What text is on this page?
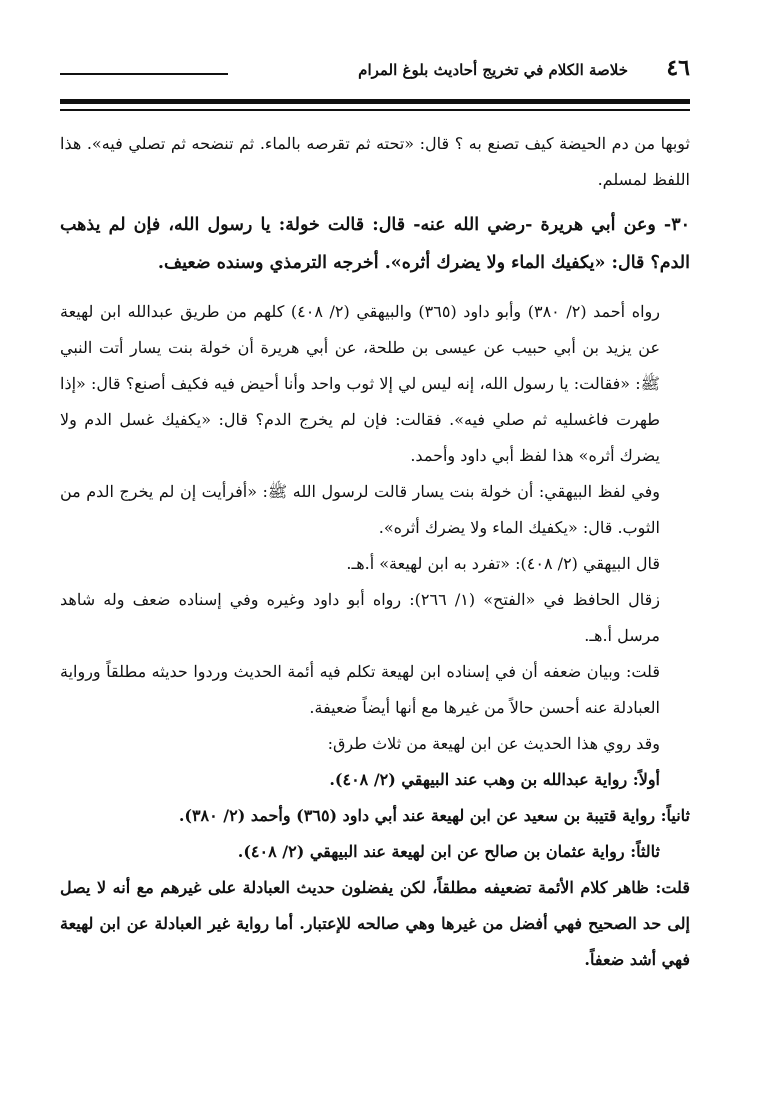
٤٦
خلاصة الكلام في تخريج أحاديث بلوغ المرام

ثوبها من دم الحيضة كيف تصنع به ؟ قال: «تحته ثم تقرصه بالماء. ثم تنضحه ثم تصلي فيه». هذا اللفظ لمسلم.

٣٠- وعن أبي هريرة -رضي الله عنه- قال: قالت خولة: يا رسول الله، فإن لم يذهب الدم؟ قال: «يكفيك الماء ولا يضرك أثره». أخرجه الترمذي وسنده ضعيف.

رواه أحمد (٢/ ٣٨٠) وأبو داود (٣٦٥) والبيهقي (٢/ ٤٠٨) كلهم من طريق عبدالله ابن لهيعة عن يزيد بن أبي حبيب عن عيسى بن طلحة، عن أبي هريرة أن خولة بنت يسار أتت النبي ﷺ: «فقالت: يا رسول الله، إنه ليس لي إلا ثوب واحد وأنا أحيض فيه فكيف أصنع؟ قال: «إذا طهرت فاغسليه ثم صلي فيه». فقالت: فإن لم يخرج الدم؟ قال: «يكفيك غسل الدم ولا يضرك أثره» هذا لفظ أبي داود وأحمد.

وفي لفظ البيهقي: أن خولة بنت يسار قالت لرسول الله ﷺ: «أفرأيت إن لم يخرج الدم من الثوب. قال: «يكفيك الماء ولا يضرك أثره».

قال البيهقي (٢/ ٤٠٨): «تفرد به ابن لهيعة» أ.هـ.

زقال الحافظ في «الفتح» (١/ ٢٦٦): رواه أبو داود وغيره وفي إسناده ضعف وله شاهد مرسل أ.هـ.

قلت: وبيان ضعفه أن في إسناده ابن لهيعة تكلم فيه أئمة الحديث وردوا حديثه مطلقاً ورواية العبادلة عنه أحسن حالاً من غيرها مع أنها أيضاً ضعيفة.

وقد روي هذا الحديث عن ابن لهيعة من ثلاث طرق:

أولاً: رواية عبدالله بن وهب عند البيهقي (٢/ ٤٠٨).

ثانياً: رواية قتيبة بن سعيد عن ابن لهيعة عند أبي داود (٣٦٥) وأحمد (٢/ ٣٨٠).

ثالثاً: رواية عثمان بن صالح عن ابن لهيعة عند البيهقي (٢/ ٤٠٨).

قلت: ظاهر كلام الأئمة تضعيفه مطلقاً، لكن يفضلون حديث العبادلة على غيرهم مع أنه لا يصل إلى حد الصحيح فهي أفضل من غيرها وهي صالحه للإعتبار. أما رواية غير العبادلة عن ابن لهيعة فهي أشد ضعفاً.
